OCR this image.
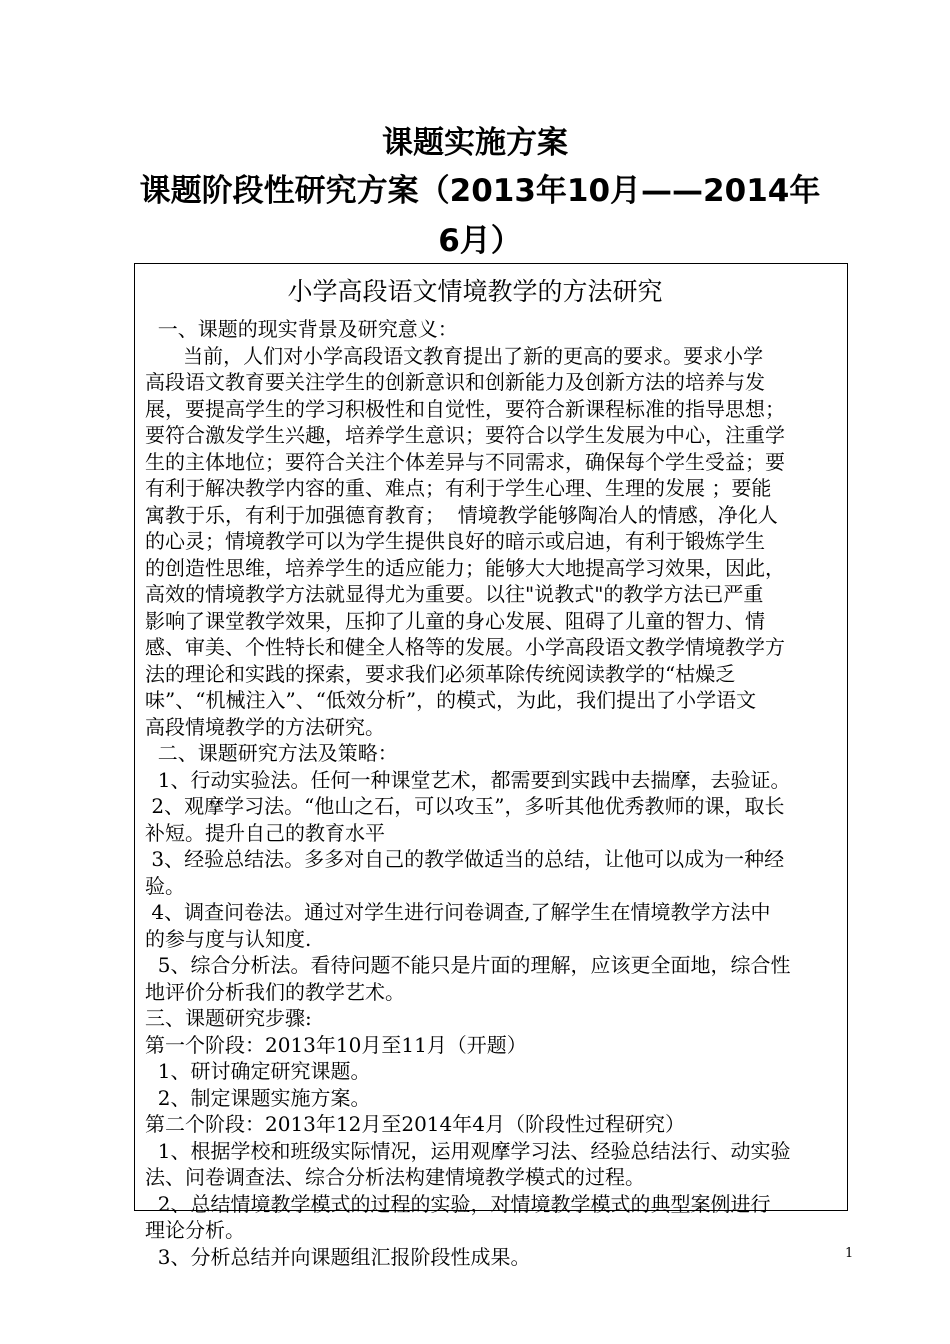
课题实施方案
课题阶段性研究方案（2013年10月——2014年6月）
小学高段语文情境教学的方法研究
一、课题的现实背景及研究意义：
当前，人们对小学高段语文教育提出了新的更高的要求。要求小学
高段语文教育要关注学生的创新意识和创新能力及创新方法的培养与发
展，要提高学生的学习积极性和自觉性，要符合新课程标准的指导思想；
要符合激发学生兴趣，培养学生意识；要符合以学生发展为中心，注重学
生的主体地位；要符合关注个体差异与不同需求，确保每个学生受益；要
有利于解决教学内容的重、难点；有利于学生心理、生理的发展 ；要能
寓教于乐，有利于加强德育教育；  情境教学能够陶冶人的情感，净化人
的心灵；情境教学可以为学生提供良好的暗示或启迪，有利于锻炼学生
的创造性思维，培养学生的适应能力；能够大大地提高学习效果，因此，
高效的情境教学方法就显得尤为重要。以往"说教式"的教学方法已严重
影响了课堂教学效果，压抑了儿童的身心发展、阻碍了儿童的智力、情
感、审美、个性特长和健全人格等的发展。小学高段语文教学情境教学方
法的理论和实践的探索，要求我们必须革除传统阅读教学的“枯燥乏
味”、“机械注入”、“低效分析”，的模式，为此，我们提出了小学语文
高段情境教学的方法研究。
二、课题研究方法及策略：
1、行动实验法。任何一种课堂艺术，都需要到实践中去揣摩，去验证。
2、观摩学习法。“他山之石，可以攻玉”，多听其他优秀教师的课，取长
补短。提升自己的教育水平
3、经验总结法。多多对自己的教学做适当的总结，让他可以成为一种经
验。
4、调查问卷法。通过对学生进行问卷调查,了解学生在情境教学方法中
的参与度与认知度.
5、综合分析法。看待问题不能只是片面的理解，应该更全面地，综合性
地评价分析我们的教学艺术。
三、课题研究步骤:
第一个阶段：2013年10月至11月（开题）
1、研讨确定研究课题。
2、制定课题实施方案。
第二个阶段：2013年12月至2014年4月（阶段性过程研究）
1、根据学校和班级实际情况，运用观摩学习法、经验总结法行、动实验
法、问卷调查法、综合分析法构建情境教学模式的过程。
2、总结情境教学模式的过程的实验，对情境教学模式的典型案例进行
理论分析。
3、分析总结并向课题组汇报阶段性成果。	1
